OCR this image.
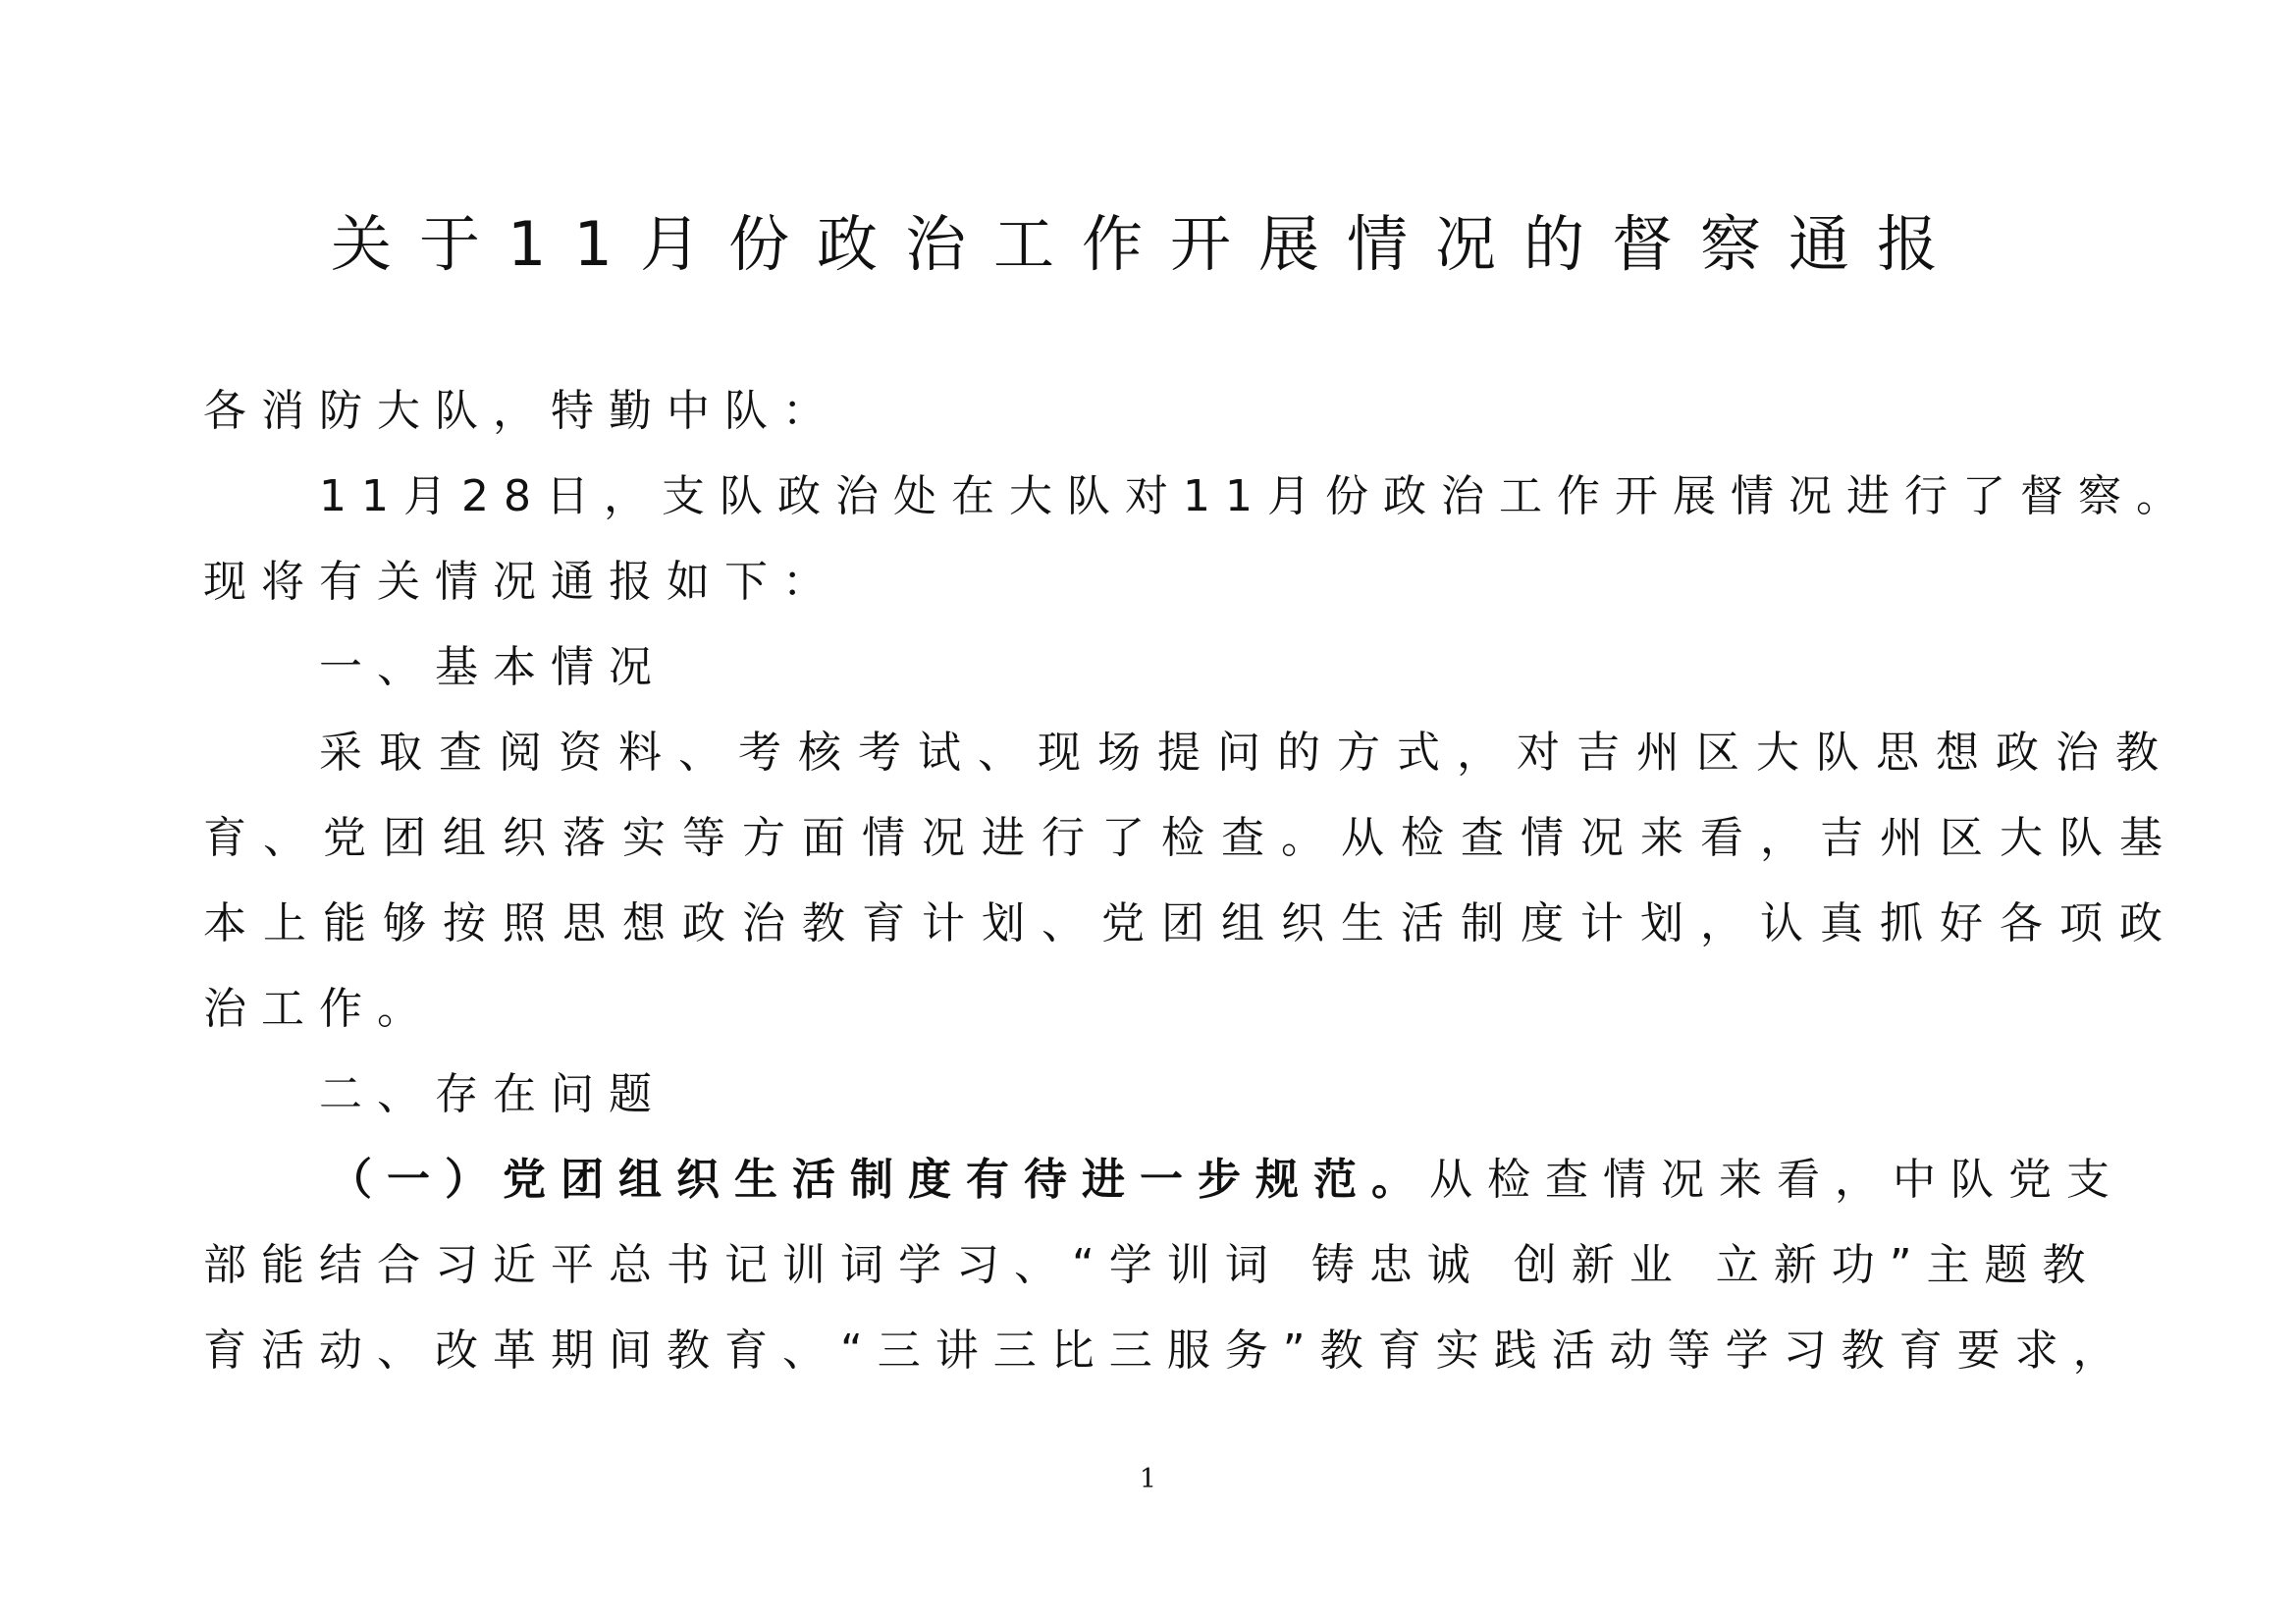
关于11月份政治工作开展情况的督察通报
各消防大队，特勤中队：
11月28日，支队政治处在大队对11月份政治工作开展情况进行了督察。
现将有关情况通报如下：
一、基本情况
采取查阅资料、考核考试、现场提问的方式，对吉州区大队思想政治教
育、党团组织落实等方面情况进行了检查。从检查情况来看，吉州区大队基
本上能够按照思想政治教育计划、党团组织生活制度计划，认真抓好各项政
治工作。
二、存在问题
（一）党团组织生活制度有待进一步规范。从检查情况来看，中队党支
部能结合习近平总书记训词学习、“学训词 铸忠诚 创新业 立新功”主题教
育活动、改革期间教育、“三讲三比三服务”教育实践活动等学习教育要求，
1
